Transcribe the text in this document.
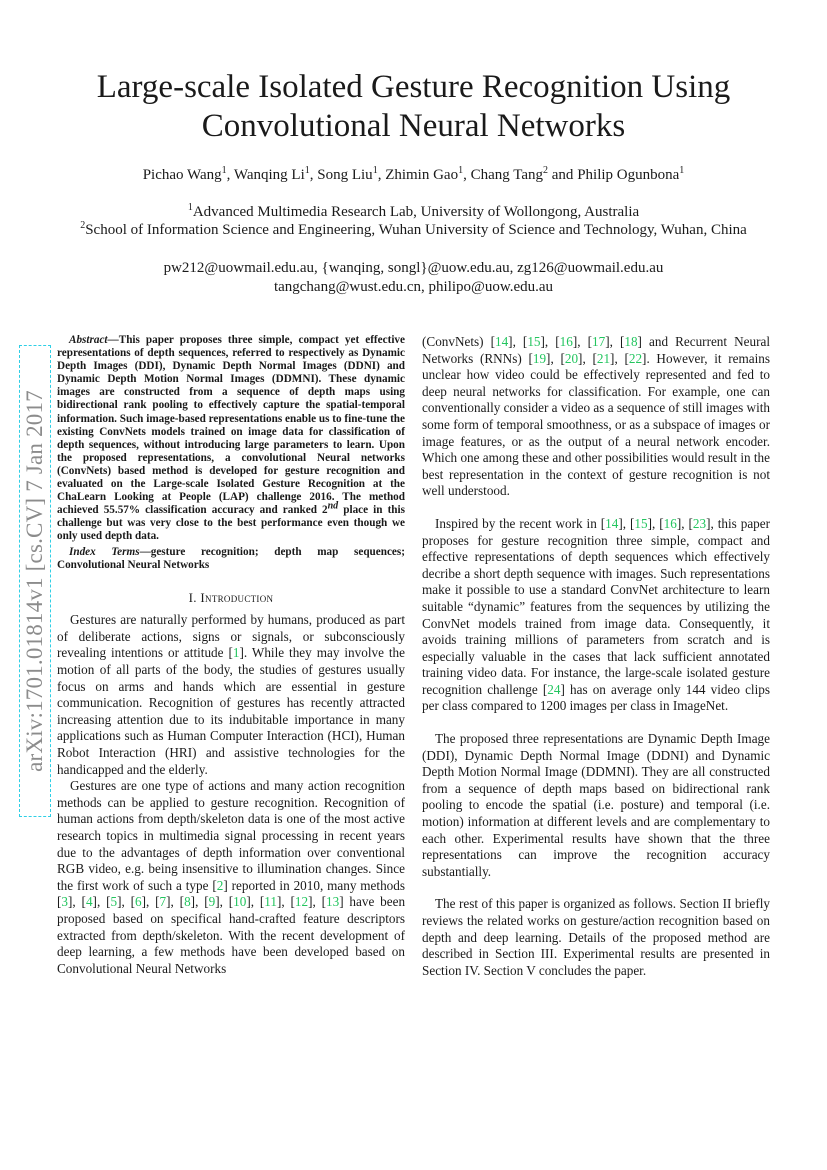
Large-scale Isolated Gesture Recognition Using
Convolutional Neural Networks
Pichao Wang$^1$, Wanqing Li$^1$, Song Liu$^1$, Zhimin Gao$^1$, Chang Tang$^2$ and Philip Ogunbona$^1$
$^1$Advanced Multimedia Research Lab, University of Wollongong, Australia
$^2$School of Information Science and Engineering, Wuhan University of Science and Technology, Wuhan, China
pw212@uowmail.edu.au, {wanqing, songl}@uow.edu.au, zg126@uowmail.edu.au
tangchang@wust.edu.cn, philipo@uow.edu.au
arXiv:1701.01814v1 [cs.CV] 7 Jan 2017

Abstract—This paper proposes three simple, compact yet effective representations of depth sequences, referred to respectively as Dynamic Depth Images (DDI), Dynamic Depth Normal Images (DDNI) and Dynamic Depth Motion Normal Images (DDMNI). These dynamic images are constructed from a sequence of depth maps using bidirectional rank pooling to effectively capture the spatial-temporal information. Such image-based representations enable us to fine-tune the existing ConvNets models trained on image data for classification of depth sequences, without introducing large parameters to learn. Upon the proposed representations, a convolutional Neural networks (ConvNets) based method is developed for gesture recognition and evaluated on the Large-scale Isolated Gesture Recognition at the ChaLearn Looking at People (LAP) challenge 2016. The method achieved 55.57% classification accuracy and ranked 2nd place in this challenge but was very close to the best performance even though we only used depth data.

Index Terms—gesture recognition; depth map sequences; Convolutional Neural Networks

I. Introduction

Gestures are naturally performed by humans, produced as part of deliberate actions, signs or signals, or subconsciously revealing intentions or attitude [1]. While they may involve the motion of all parts of the body, the studies of gestures usually focus on arms and hands which are essential in gesture communication. Recognition of gestures has recently attracted increasing attention due to its indubitable importance in many applications such as Human Computer Interaction (HCI), Human Robot Interaction (HRI) and assistive technologies for the handicapped and the elderly.

Gestures are one type of actions and many action recognition methods can be applied to gesture recognition. Recognition of human actions from depth/skeleton data is one of the most active research topics in multimedia signal processing in recent years due to the advantages of depth information over conventional RGB video, e.g. being insensitive to illumination changes. Since the first work of such a type [2] reported in 2010, many methods [3], [4], [5], [6], [7], [8], [9], [10], [11], [12], [13] have been proposed based on specifical hand-crafted feature descriptors extracted from depth/skeleton. With the recent development of deep learning, a few methods have been developed based on Convolutional Neural Networks

(ConvNets) [14], [15], [16], [17], [18] and Recurrent Neural Networks (RNNs) [19], [20], [21], [22]. However, it remains unclear how video could be effectively represented and fed to deep neural networks for classification. For example, one can conventionally consider a video as a sequence of still images with some form of temporal smoothness, or as a subspace of images or image features, or as the output of a neural network encoder. Which one among these and other possibilities would result in the best representation in the context of gesture recognition is not well understood.

Inspired by the recent work in [14], [15], [16], [23], this paper proposes for gesture recognition three simple, compact and effective representations of depth sequences which effectively decribe a short depth sequence with images. Such representations make it possible to use a standard ConvNet architecture to learn suitable “dynamic” features from the sequences by utilizing the ConvNet models trained from image data. Consequently, it avoids training millions of parameters from scratch and is especially valuable in the cases that lack sufficient annotated training video data. For instance, the large-scale isolated gesture recognition challenge [24] has on average only 144 video clips per class compared to 1200 images per class in ImageNet.

The proposed three representations are Dynamic Depth Image (DDI), Dynamic Depth Normal Image (DDNI) and Dynamic Depth Motion Normal Image (DDMNI). They are all constructed from a sequence of depth maps based on bidirectional rank pooling to encode the spatial (i.e. posture) and temporal (i.e. motion) information at different levels and are complementary to each other. Experimental results have shown that the three representations can improve the recognition accuracy substantially.

The rest of this paper is organized as follows. Section II briefly reviews the related works on gesture/action recognition based on depth and deep learning. Details of the proposed method are described in Section III. Experimental results are presented in Section IV. Section V concludes the paper.
